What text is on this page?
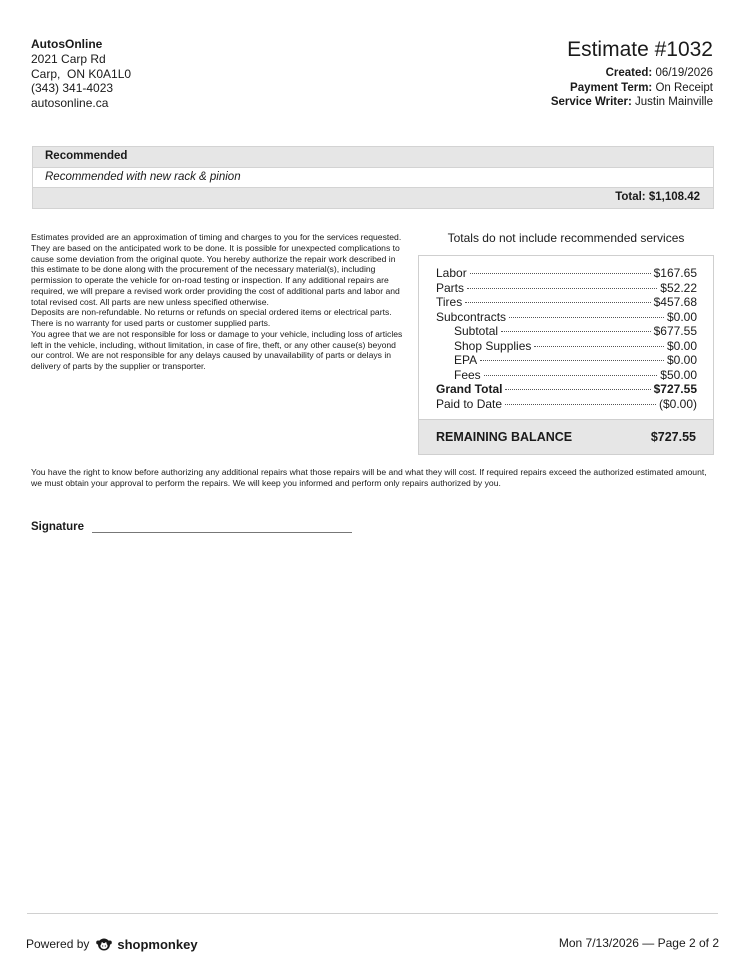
AutosOnline
2021 Carp Rd
Carp,  ON K0A1L0
(343) 341-4023
autosonline.ca
Estimate #1032
Created: 06/19/2026
Payment Term: On Receipt
Service Writer: Justin Mainville
Recommended
Recommended with new rack & pinion
Total: $1,108.42
Estimates provided are an approximation of timing and charges to you for the services requested. They are based on the anticipated work to be done. It is possible for unexpected complications to cause some deviation from the original quote. You hereby authorize the repair work described in this estimate to be done along with the procurement of the necessary material(s), including permission to operate the vehicle for on-road testing or inspection. If any additional repairs are required, we will prepare a revised work order providing the cost of additional parts and labor and total revised cost. All parts are new unless specified otherwise.
Deposits are non-refundable. No returns or refunds on special ordered items or electrical parts. There is no warranty for used parts or customer supplied parts.
You agree that we are not responsible for loss or damage to your vehicle, including loss of articles left in the vehicle, including, without limitation, in case of fire, theft, or any other cause(s) beyond our control. We are not responsible for any delays caused by unavailability of parts or delays in delivery of parts by the supplier or transporter.
Totals do not include recommended services
Labor	$167.65
Parts	$52.22
Tires	$457.68
Subcontracts	$0.00
Subtotal	$677.55
Shop Supplies	$0.00
EPA	$0.00
Fees	$50.00
Grand Total	$727.55
Paid to Date	($0.00)
REMAINING BALANCE	$727.55
You have the right to know before authorizing any additional repairs what those repairs will be and what they will cost. If required repairs exceed the authorized estimated amount, we must obtain your approval to perform the repairs. We will keep you informed and perform only repairs authorized by you.
Signature
Powered by shopmonkey	Mon 7/13/2026 — Page 2 of 2
